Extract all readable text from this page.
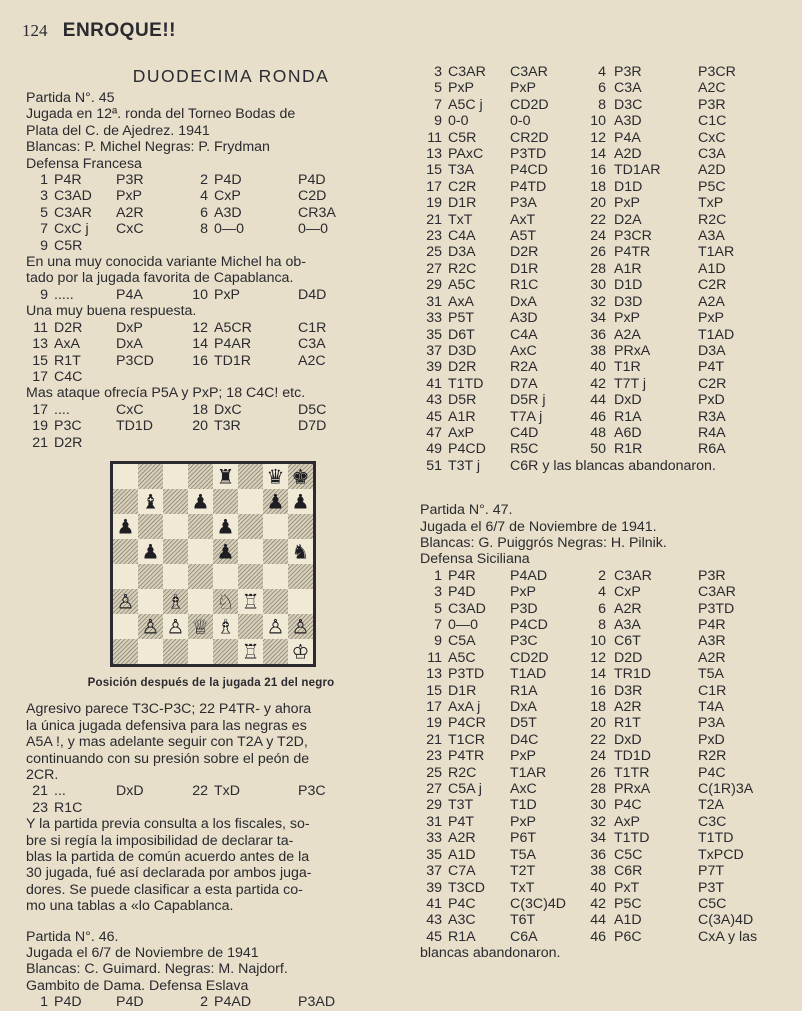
124 ENROQUE!!
DUODECIMA RONDA
Partida N°. 45
Jugada en 12ª. ronda del Torneo Bodas de
Plata del C. de Ajedrez. 1941
Blancas: P. Michel Negras: P. Frydman
Defensa Francesa
1 P4R	P3R	2 P4D	P4D
3 C3AD	PxP	4 CxP	C2D
5 C3AR	A2R	6 A3D	CR3A
7 CxC j	CxC	8 0—0	0—0
9 C5R
En una muy conocida variante Michel ha ob-
tado por la jugada favorita de Capablanca.
9 .....	P4A	10 PxP	D4D
Una muy buena respuesta.
11 D2R	DxP	12 A5CR	C1R
13 AxA	DxA	14 P4AR	C3A
15 R1T	P3CD	16 TD1R	A2C
17 C4C
Mas ataque ofrecía P5A y PxP; 18 C4C! etc.
17 ....	CxC	18 DxC	D5C
19 P3C	TD1D	20 T3R	D7D
21 D2R
♗ ♘ ♖
♙ ♙ ♕ ♗ ♙ ♙
♙
♖ ♔
♜ ♛ ♚
♝ ♟	♟ ♟
♟
♟
♟	♟	♞
Posición después de la jugada 21 del negro
Agresivo parece T3C-P3C; 22 P4TR- y ahora
la única jugada defensiva para las negras es
A5A !, y mas adelante seguir con T2A y T2D,
continuando con su presión sobre el peón de
2CR.
21 ...	DxD	22 TxD	P3C
23 R1C
Y la partida previa consulta a los fiscales, so-
bre si regía la imposibilidad de declarar ta-
blas la partida de común acuerdo antes de la
30 jugada, fué así declarada por ambos juga-
dores. Se puede clasificar a esta partida co-
mo una tablas a «lo Capablanca.
Partida N°. 46.
Jugada el 6/7 de Noviembre de 1941
Blancas: C. Guimard. Negras: M. Najdorf.
Gambito de Dama. Defensa Eslava
1 P4D	P4D	2 P4AD	P3AD
3 C3AR	C3AR	4 P3R	P3CR
5 PxP	PxP	6 C3A	A2C
7 A5C j	CD2D	8 D3C	P3R
9 0-0	0-0	10 A3D	C1C
11 C5R	CR2D	12 P4A	CxC
13 PAxC	P3TD	14 A2D	C3A
15 T3A	P4CD	16 TD1AR	A2D
17 C2R	P4TD	18 D1D	P5C
19 D1R	P3A	20 PxP	TxP
21 TxT	AxT	22 D2A	R2C
23 C4A	A5T	24 P3CR	A3A
25 D3A	D2R	26 P4TR	T1AR
27 R2C	D1R	28 A1R	A1D
29 A5C	R1C	30 D1D	C2R
31 AxA	DxA	32 D3D	A2A
33 P5T	A3D	34 PxP	PxP
35 D6T	C4A	36 A2A	T1AD
37 D3D	AxC	38 PRxA	D3A
39 D2R	R2A	40 T1R	P4T
41 T1TD	D7A	42 T7T j	C2R
43 D5R	D5R j	44 DxD	PxD
45 A1R	T7A j	46 R1A	R3A
47 AxP	C4D	48 A6D	R4A
49 P4CD	R5C	50 R1R	R6A
51 T3T j	C6R y las blancas abandonaron.
Partida N°. 47.
Jugada el 6/7 de Noviembre de 1941.
Blancas: G. Puiggrós Negras: H. Pilnik.
Defensa Siciliana
1 P4R	P4AD	2 C3AR	P3R
3 P4D	PxP	4 CxP	C3AR
5 C3AD	P3D	6 A2R	P3TD
7 0—0	P4CD	8 A3A	P4R
9 C5A	P3C	10 C6T	A3R
11 A5C	CD2D	12 D2D	A2R
13 P3TD	T1AD	14 TR1D	T5A
15 D1R	R1A	16 D3R	C1R
17 AxA j	DxA	18 A2R	T4A
19 P4CR	D5T	20 R1T	P3A
21 T1CR	D4C	22 DxD	PxD
23 P4TR	PxP	24 TD1D	R2R
25 R2C	T1AR	26 T1TR	P4C
27 C5A j	AxC	28 PRxA	C(1R)3A
29 T3T	T1D	30 P4C	T2A
31 P4T	PxP	32 AxP	C3C
33 A2R	P6T	34 T1TD	T1TD
35 A1D	T5A	36 C5C	TxPCD
37 C7A	T2T	38 C6R	P7T
39 T3CD	TxT	40 PxT	P3T
41 P4C	C(3C)4D	42 P5C	C5C
43 A3C	T6T	44 A1D	C(3A)4D
45 R1A	C6A	46 P6C	CxA y las
blancas abandonaron.
